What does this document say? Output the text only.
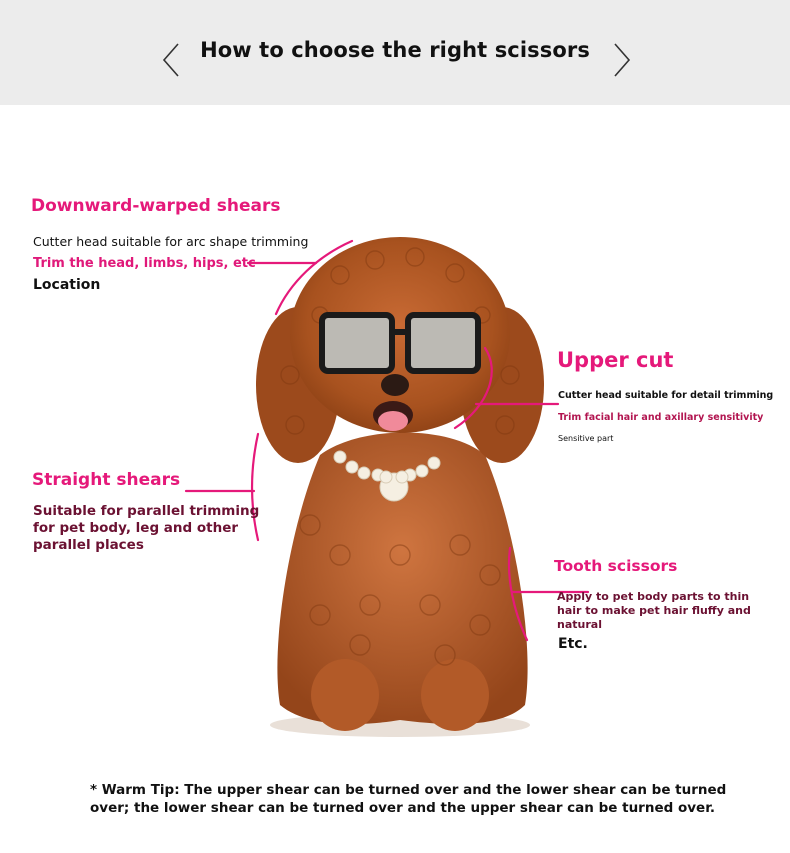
How to choose the right scissors
Downward-warped shears
Cutter head suitable for arc shape trimming
Trim the head, limbs, hips, etc
Location
Upper cut
Cutter head suitable for detail trimming
Trim facial hair and axillary sensitivity
Sensitive part
Straight shears
Suitable for parallel trimming
for pet body, leg and other
parallel places
Tooth scissors
Apply to pet body parts to thin
hair to make pet hair fluffy and
natural
Etc.
* Warm Tip: The upper shear can be turned over and the lower shear can be turned
over; the lower shear can be turned over and the upper shear can be turned over.
